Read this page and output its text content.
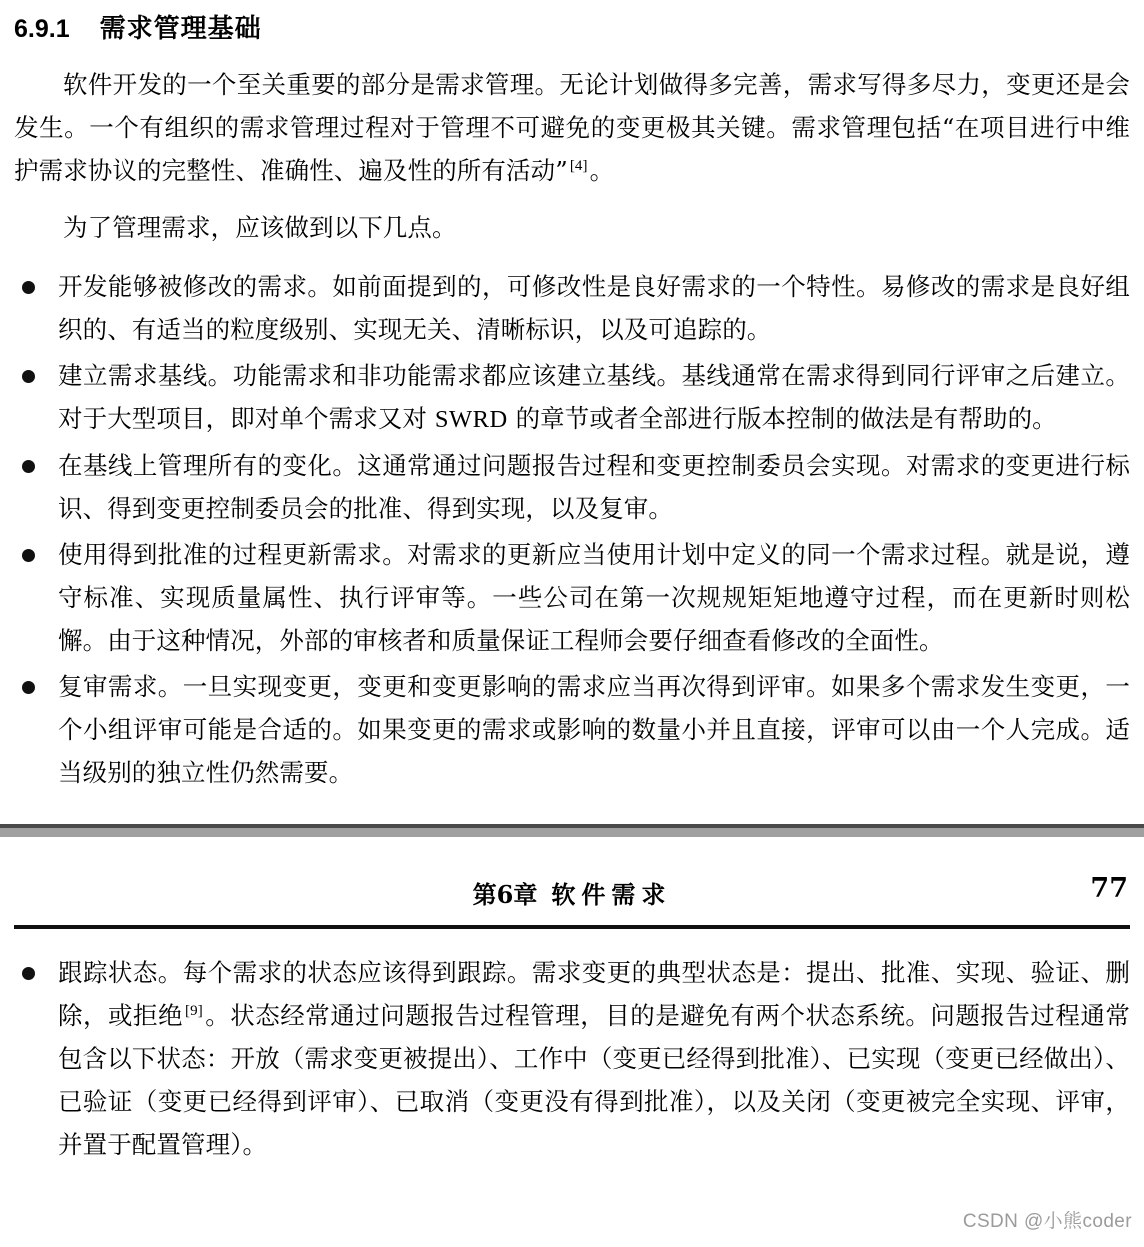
6.9.1 需求管理基础

软件开发的一个至关重要的部分是需求管理。无论计划做得多完善，需求写得多尽力，变更还是会发生。一个有组织的需求管理过程对于管理不可避免的变更极其关键。需求管理包括“在项目进行中维护需求协议的完整性、准确性、遍及性的所有活动” [4]。

为了管理需求，应该做到以下几点。

开发能够被修改的需求。如前面提到的，可修改性是良好需求的一个特性。易修改的需求是良好组织的、有适当的粒度级别、实现无关、清晰标识，以及可追踪的。
建立需求基线。功能需求和非功能需求都应该建立基线。基线通常在需求得到同行评审之后建立。对于大型项目，即对单个需求又对 SWRD 的章节或者全部进行版本控制的做法是有帮助的。
在基线上管理所有的变化。这通常通过问题报告过程和变更控制委员会实现。对需求的变更进行标识、得到变更控制委员会的批准、得到实现，以及复审。
使用得到批准的过程更新需求。对需求的更新应当使用计划中定义的同一个需求过程。就是说，遵守标准、实现质量属性、执行评审等。一些公司在第一次规规矩矩地遵守过程，而在更新时则松懈。由于这种情况，外部的审核者和质量保证工程师会要仔细查看修改的全面性。
复审需求。一旦实现变更，变更和变更影响的需求应当再次得到评审。如果多个需求发生变更，一个小组评审可能是合适的。如果变更的需求或影响的数量小并且直接，评审可以由一个人完成。适当级别的独立性仍然需要。
第6章 软件需求	77
跟踪状态。每个需求的状态应该得到跟踪。需求变更的典型状态是：提出、批准、实现、验证、删除，或拒绝 [9]。状态经常通过问题报告过程管理，目的是避免有两个状态系统。问题报告过程通常包含以下状态：开放（需求变更被提出）、工作中（变更已经得到批准）、已实现（变更已经做出）、已验证（变更已经得到评审）、已取消（变更没有得到批准），以及关闭（变更被完全实现、评审，并置于配置管理）。
CSDN @小熊coder
